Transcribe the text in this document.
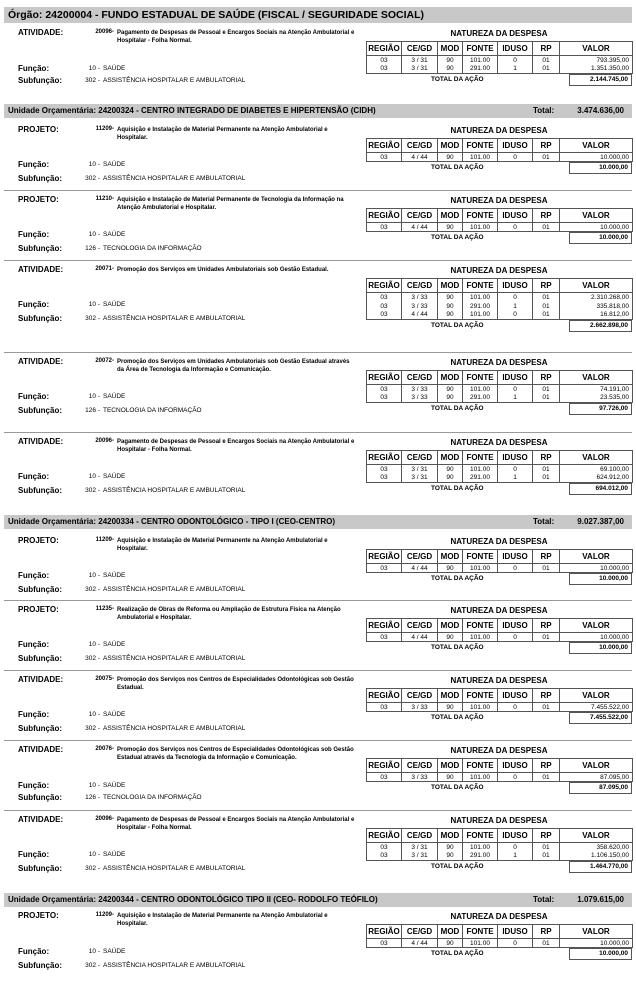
Órgão: 24200004 - FUNDO ESTADUAL DE SAÚDE (FISCAL / SEGURIDADE SOCIAL)
Unidade Orçamentária: 24200324 - CENTRO INTEGRADO DE DIABETES E HIPERTENSÃO (CIDH)	Total:	3.474.636,00
Unidade Orçamentária: 24200334 - CENTRO ODONTOLÓGICO - TIPO I (CEO-CENTRO)	Total:	9.027.387,00
Unidade Orçamentária: 24200344 - CENTRO ODONTOLÓGICO TIPO II (CEO- RODOLFO TEÓFILO)	Total:	1.079.615,00
ATIVIDADE:	20096 - Pagamento de Despesas de Pessoal e Encargos Sociais na Atenção Ambulatorial e Hospitalar - Folha Normal.
Função:	10 - SAÚDE
Subfunção:	302 - ASSISTÊNCIA HOSPITALAR E AMBULATORIAL
NATUREZA DA DESPESA
REGIÃO	CE/GD	MOD	FONTE	IDUSO	RP	VALOR
03	3 / 31	90	101.00	0	01	793.395,00
03	3 / 31	90	291.00	1	01	1.351.350,00
TOTAL DA AÇÃO	2.144.745,00
PROJETO:	11209 - Aquisição e Instalação de Material Permanente na Atenção Ambulatorial e Hospitalar.
Função:	10 - SAÚDE
Subfunção:	302 - ASSISTÊNCIA HOSPITALAR E AMBULATORIAL
NATUREZA DA DESPESA
REGIÃO	CE/GD	MOD	FONTE	IDUSO	RP	VALOR
03	4 / 44	90	101.00	0	01	10.000,00
TOTAL DA AÇÃO	10.000,00
PROJETO:	11210 - Aquisição e Instalação de Material Permanente de Tecnologia da Informação na Atenção Ambulatorial e Hospitalar.
Função:	10 - SAÚDE
Subfunção:	126 - TECNOLOGIA DA INFORMAÇÃO
NATUREZA DA DESPESA
REGIÃO	CE/GD	MOD	FONTE	IDUSO	RP	VALOR
03	4 / 44	90	101.00	0	01	10.000,00
TOTAL DA AÇÃO	10.000,00
ATIVIDADE:	20071 - Promoção dos Serviços em Unidades Ambulatoriais sob Gestão Estadual.
Função:	10 - SAÚDE
Subfunção:	302 - ASSISTÊNCIA HOSPITALAR E AMBULATORIAL
NATUREZA DA DESPESA
REGIÃO	CE/GD	MOD	FONTE	IDUSO	RP	VALOR
03	3 / 33	90	101.00	0	01	2.310.268,00
03	3 / 33	90	291.00	1	01	335.818,00
03	4 / 44	90	101.00	0	01	16.812,00
TOTAL DA AÇÃO	2.662.898,00
ATIVIDADE:	20072 - Promoção dos Serviços em Unidades Ambulatoriais sob Gestão Estadual através da Área de Tecnologia da Informação e Comunicação.
Função:	10 - SAÚDE
Subfunção:	126 - TECNOLOGIA DA INFORMAÇÃO
NATUREZA DA DESPESA
REGIÃO	CE/GD	MOD	FONTE	IDUSO	RP	VALOR
03	3 / 33	90	101.00	0	01	74.191,00
03	3 / 33	90	291.00	1	01	23.535,00
TOTAL DA AÇÃO	97.726,00
ATIVIDADE:	20096 - Pagamento de Despesas de Pessoal e Encargos Sociais na Atenção Ambulatorial e Hospitalar - Folha Normal.
Função:	10 - SAÚDE
Subfunção:	302 - ASSISTÊNCIA HOSPITALAR E AMBULATORIAL
NATUREZA DA DESPESA
REGIÃO	CE/GD	MOD	FONTE	IDUSO	RP	VALOR
03	3 / 31	90	101.00	0	01	69.100,00
03	3 / 31	90	291.00	1	01	624.912,00
TOTAL DA AÇÃO	694.012,00
PROJETO:	11209 - Aquisição e Instalação de Material Permanente na Atenção Ambulatorial e Hospitalar.
Função:	10 - SAÚDE
Subfunção:	302 - ASSISTÊNCIA HOSPITALAR E AMBULATORIAL
NATUREZA DA DESPESA
REGIÃO	CE/GD	MOD	FONTE	IDUSO	RP	VALOR
03	4 / 44	90	101.00	0	01	10.000,00
TOTAL DA AÇÃO	10.000,00
PROJETO:	11235 - Realização de Obras de Reforma ou Ampliação de Estrutura Física na Atenção Ambulatorial e Hospitalar.
Função:	10 - SAÚDE
Subfunção:	302 - ASSISTÊNCIA HOSPITALAR E AMBULATORIAL
NATUREZA DA DESPESA
REGIÃO	CE/GD	MOD	FONTE	IDUSO	RP	VALOR
03	4 / 44	90	101.00	0	01	10.000,00
TOTAL DA AÇÃO	10.000,00
ATIVIDADE:	20075 - Promoção dos Serviços nos Centros de Especialidades Odontológicas sob Gestão Estadual.
Função:	10 - SAÚDE
Subfunção:	302 - ASSISTÊNCIA HOSPITALAR E AMBULATORIAL
NATUREZA DA DESPESA
REGIÃO	CE/GD	MOD	FONTE	IDUSO	RP	VALOR
03	3 / 33	90	101.00	0	01	7.455.522,00
TOTAL DA AÇÃO	7.455.522,00
ATIVIDADE:	20076 - Promoção dos Serviços nos Centros de Especialidades Odontológicas sob Gestão Estadual através da Tecnologia da Informação e Comunicação.
Função:	10 - SAÚDE
Subfunção:	126 - TECNOLOGIA DA INFORMAÇÃO
NATUREZA DA DESPESA
REGIÃO	CE/GD	MOD	FONTE	IDUSO	RP	VALOR
03	3 / 33	90	101.00	0	01	87.095,00
TOTAL DA AÇÃO	87.095,00
ATIVIDADE:	20096 - Pagamento de Despesas de Pessoal e Encargos Sociais na Atenção Ambulatorial e Hospitalar - Folha Normal.
Função:	10 - SAÚDE
Subfunção:	302 - ASSISTÊNCIA HOSPITALAR E AMBULATORIAL
NATUREZA DA DESPESA
REGIÃO	CE/GD	MOD	FONTE	IDUSO	RP	VALOR
03	3 / 31	90	101.00	0	01	358.620,00
03	3 / 31	90	291.00	1	01	1.106.150,00
TOTAL DA AÇÃO	1.464.770,00
PROJETO:	11209 - Aquisição e Instalação de Material Permanente na Atenção Ambulatorial e Hospitalar.
Função:	10 - SAÚDE
Subfunção:	302 - ASSISTÊNCIA HOSPITALAR E AMBULATORIAL
NATUREZA DA DESPESA
REGIÃO	CE/GD	MOD	FONTE	IDUSO	RP	VALOR
03	4 / 44	90	101.00	0	01	10.000,00
TOTAL DA AÇÃO	10.000,00
